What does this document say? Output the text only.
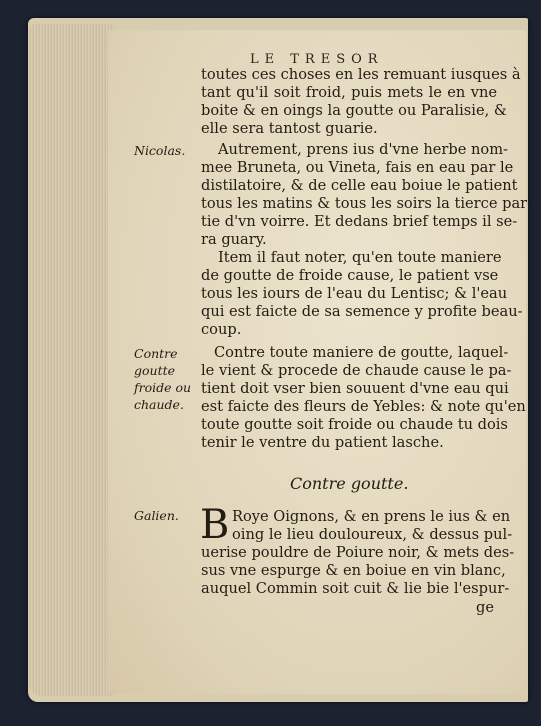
LE TRESOR
toutes ces choses en les remuant iusques à
tant qu'il soit froid, puis mets le en vne
boite & en oings la goutte ou Paralisie, &
elle sera tantost guarie.
Nicolas.	Autrement, prens ius d'vne herbe nom-
mee Bruneta, ou Vineta, fais en eau par le
distilatoire, & de celle eau boiue le patient
tous les matins & tous les soirs la tierce par-
tie d'vn voirre. Et dedans brief temps il se-
ra guary.
Item il faut noter, qu'en toute maniere
de goutte de froide cause, le patient vse
tous les iours de l'eau du Lentisc; & l'eau
qui est faicte de sa semence y profite beau-
coup.
Contre
goutte
froide ou
chaude.
Contre toute maniere de goutte, laquel-
le vient & procede de chaude cause le pa-
tient doit vser bien souuent d'vne eau qui
est faicte des fleurs de Yebles: & note qu'en
toute goutte soit froide ou chaude tu dois
tenir le ventre du patient lasche.
Contre goutte.
Galien. B Roye Oignons, & en prens le ius & en
oing le lieu douloureux, & dessus pul-
uerise pouldre de Poiure noir, & mets des-
sus vne espurge & en boiue en vin blanc,
auquel Commin soit cuit & lie bie l'espur-
ge
